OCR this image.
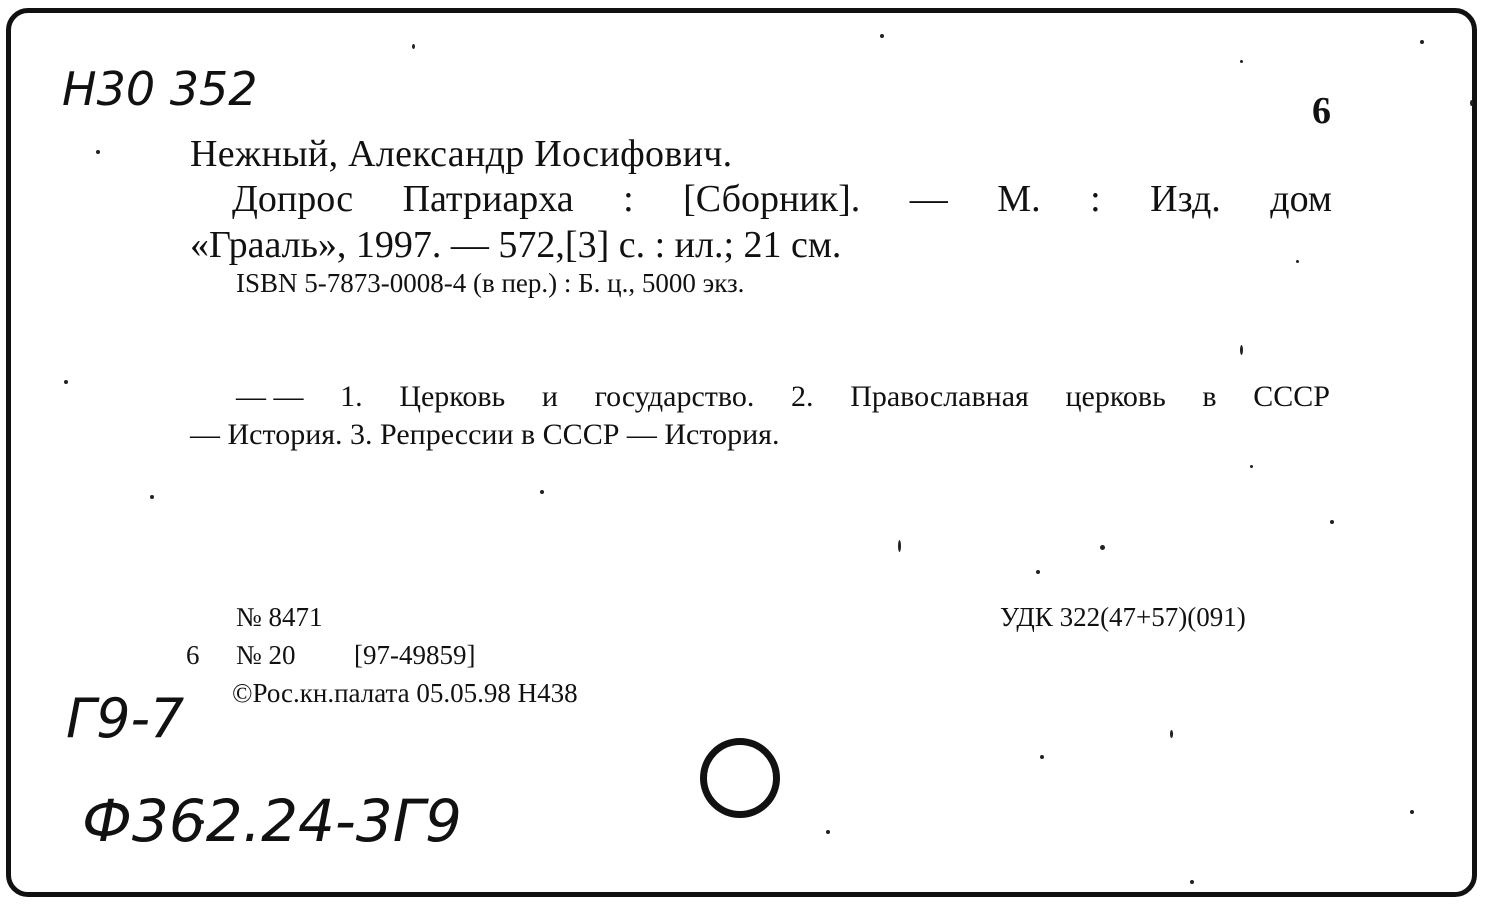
Н30 352	6
Нежный, Александр Иосифович.
Допрос Патриарха : [Сборник]. — М. : Изд. дом
«Грааль», 1997. — 572,[3] с. : ил.; 21 см.
ISBN 5-7873-0008-4 (в пер.) : Б. ц., 5000 экз.
— — 1. Церковь и государство. 2. Православная церковь в СССР
— История. 3. Репрессии в СССР — История.
№ 8471
6 № 20 [97-49859]
©Рос.кн.палата 05.05.98 Н438
УДК 322(47+57)(091)
Г9-7
Ф362.24-3Г9
